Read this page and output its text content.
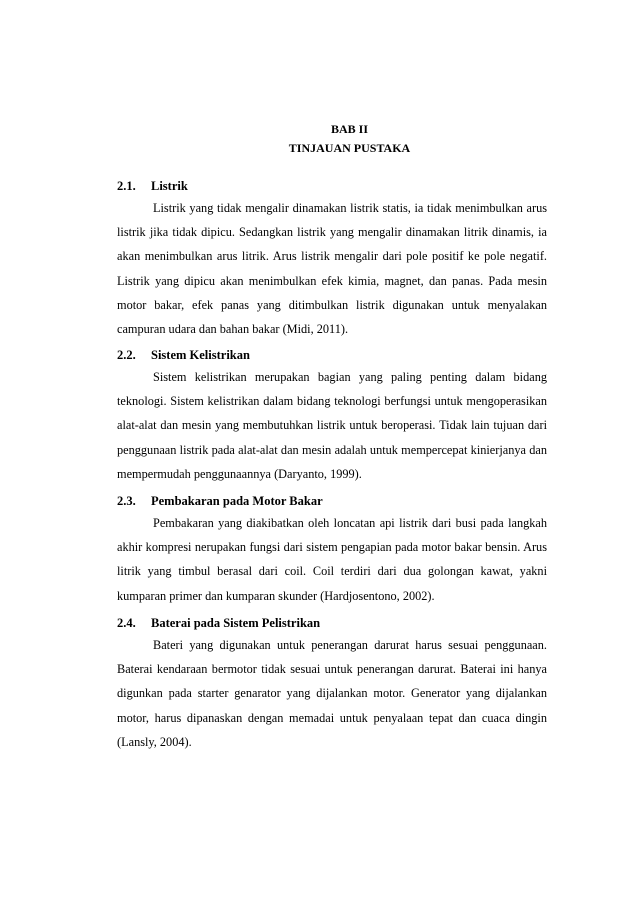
BAB II
TINJAUAN PUSTAKA
2.1.	Listrik

Listrik yang tidak mengalir dinamakan listrik statis, ia tidak menimbulkan arus listrik jika tidak dipicu. Sedangkan listrik yang mengalir dinamakan litrik dinamis, ia akan menimbulkan arus litrik. Arus listrik mengalir dari pole positif ke pole negatif. Listrik yang dipicu akan menimbulkan efek kimia, magnet, dan panas. Pada mesin motor bakar, efek panas yang ditimbulkan listrik digunakan untuk menyalakan campuran udara dan bahan bakar (Midi, 2011).

2.2.	Sistem Kelistrikan

Sistem kelistrikan merupakan bagian yang paling penting dalam bidang teknologi. Sistem kelistrikan dalam bidang teknologi berfungsi untuk mengoperasikan alat-alat dan mesin yang membutuhkan listrik untuk beroperasi. Tidak lain tujuan dari penggunaan listrik pada alat-alat dan mesin adalah untuk mempercepat kinierjanya dan mempermudah penggunaannya (Daryanto, 1999).

2.3.	Pembakaran pada Motor Bakar

Pembakaran yang diakibatkan oleh loncatan api listrik dari busi pada langkah akhir kompresi nerupakan fungsi dari sistem pengapian pada motor bakar bensin. Arus litrik yang timbul berasal dari coil. Coil terdiri dari dua golongan kawat, yakni kumparan primer dan kumparan skunder (Hardjosentono, 2002).

2.4.	Baterai pada Sistem Pelistrikan

Bateri yang digunakan untuk penerangan darurat harus sesuai penggunaan. Baterai kendaraan bermotor tidak sesuai untuk penerangan darurat. Baterai ini hanya digunkan pada starter genarator yang dijalankan motor. Generator yang dijalankan motor, harus dipanaskan dengan memadai untuk penyalaan tepat dan cuaca dingin (Lansly, 2004).
